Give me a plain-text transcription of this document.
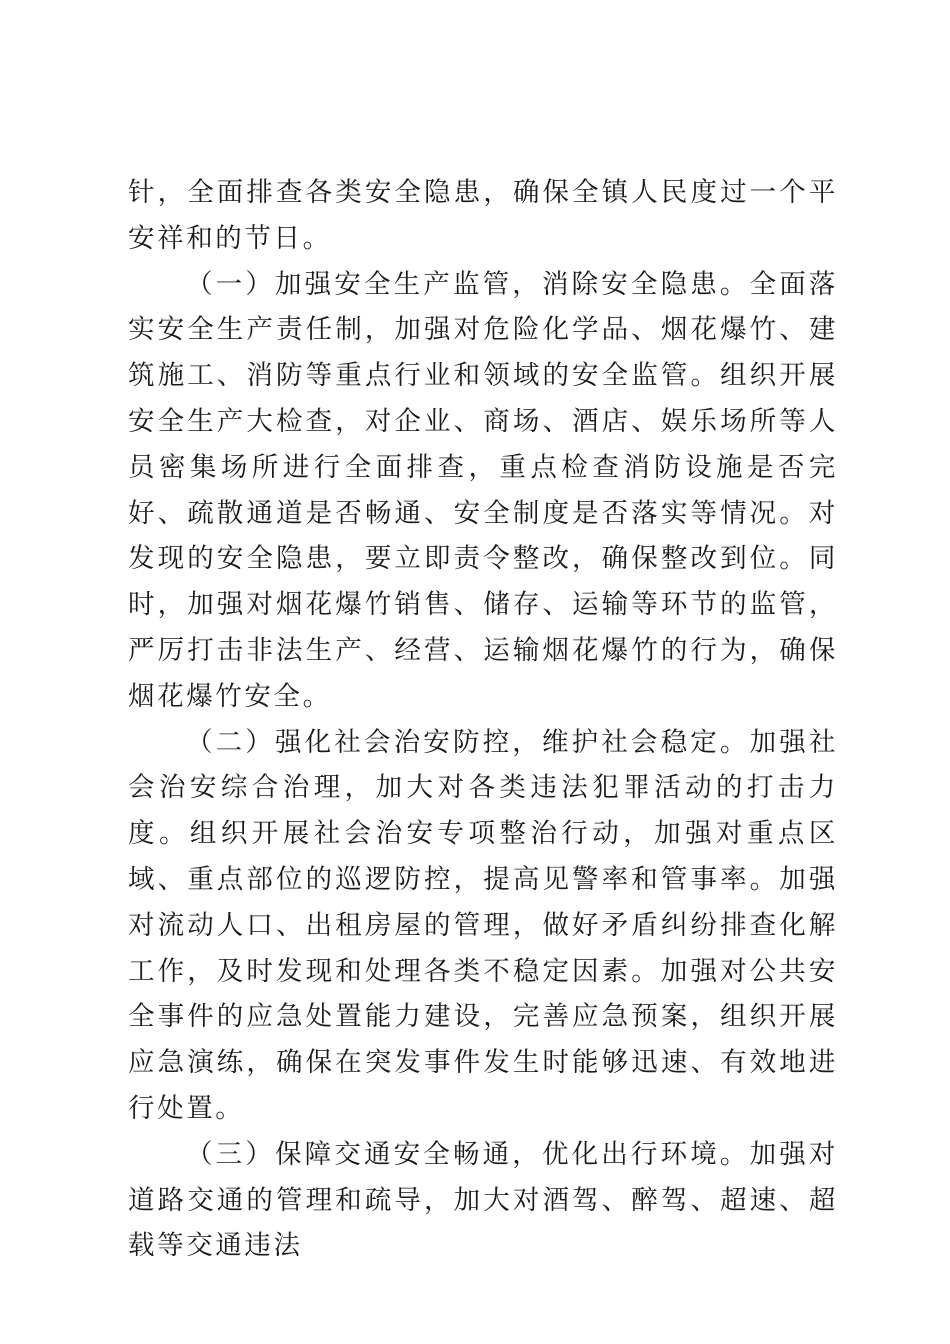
针，全面排查各类安全隐患，确保全镇人民度过一个平安祥和的节日。

（一）加强安全生产监管，消除安全隐患。全面落实安全生产责任制，加强对危险化学品、烟花爆竹、建筑施工、消防等重点行业和领域的安全监管。组织开展安全生产大检查，对企业、商场、酒店、娱乐场所等人员密集场所进行全面排查，重点检查消防设施是否完好、疏散通道是否畅通、安全制度是否落实等情况。对发现的安全隐患，要立即责令整改，确保整改到位。同时，加强对烟花爆竹销售、储存、运输等环节的监管，严厉打击非法生产、经营、运输烟花爆竹的行为，确保烟花爆竹安全。

（二）强化社会治安防控，维护社会稳定。加强社会治安综合治理，加大对各类违法犯罪活动的打击力度。组织开展社会治安专项整治行动，加强对重点区域、重点部位的巡逻防控，提高见警率和管事率。加强对流动人口、出租房屋的管理，做好矛盾纠纷排查化解工作，及时发现和处理各类不稳定因素。加强对公共安全事件的应急处置能力建设，完善应急预案，组织开展应急演练，确保在突发事件发生时能够迅速、有效地进行处置。

（三）保障交通安全畅通，优化出行环境。加强对道路交通的管理和疏导，加大对酒驾、醉驾、超速、超载等交通违法
